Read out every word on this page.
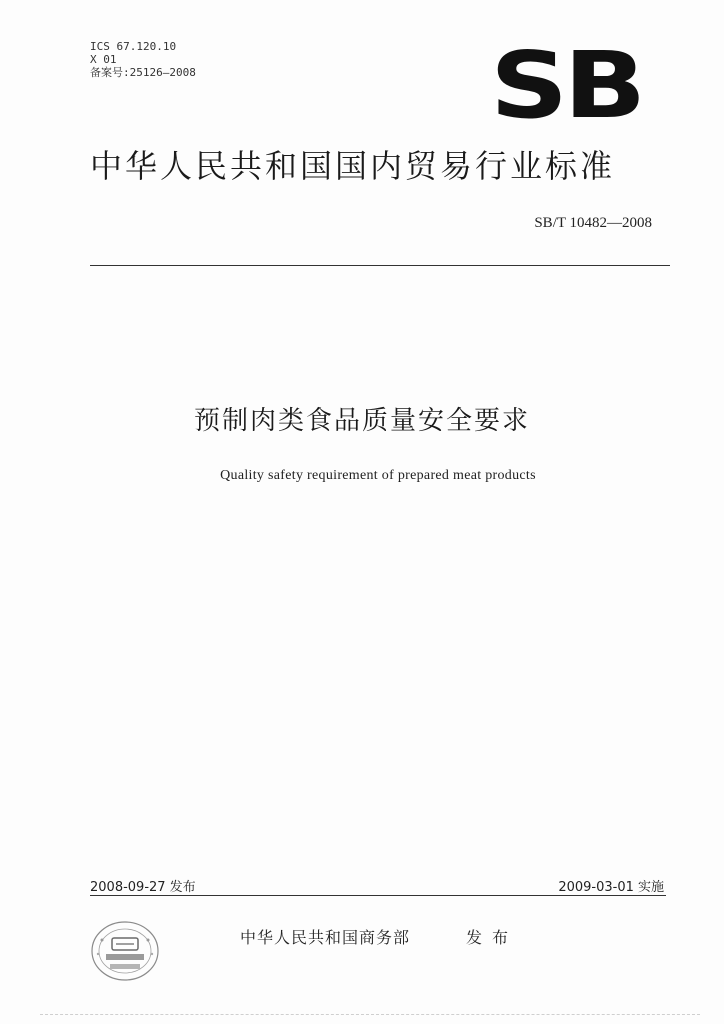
ICS 67.120.10
X 01
备案号:25126—2008	SB
中华人民共和国国内贸易行业标准
SB/T 10482—2008
预制肉类食品质量安全要求
Quality safety requirement of prepared meat products
2008-09-27 发布	2009-03-01 实施
中华人民共和国商务部	发布
